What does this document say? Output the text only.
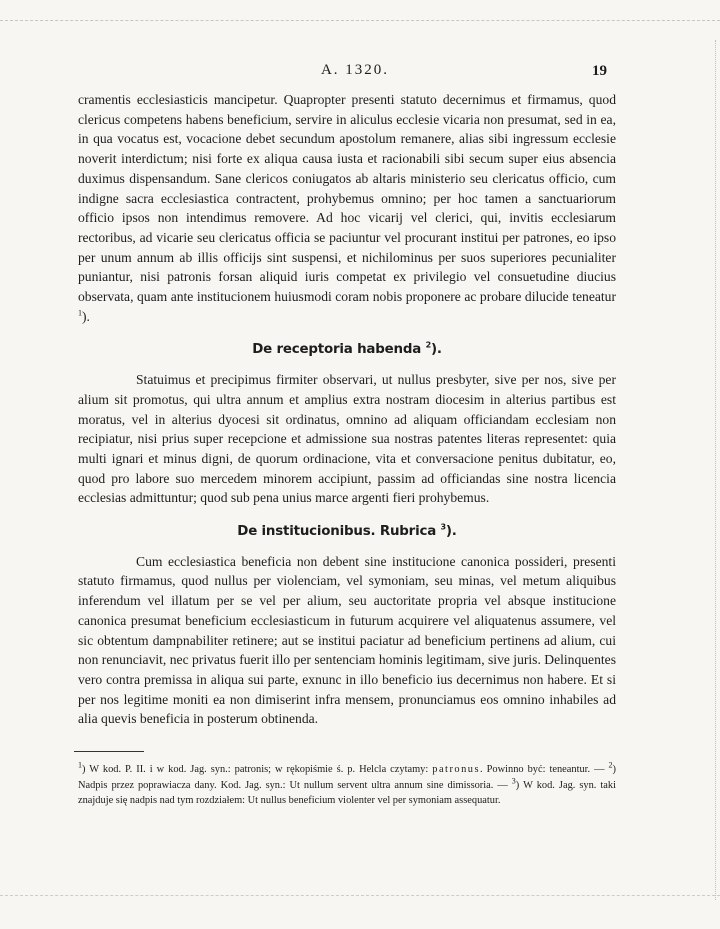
A. 1320.	19

cramentis ecclesiasticis mancipetur. Quapropter presenti statuto decernimus et firmamus, quod clericus competens habens beneficium, servire in aliculus ecclesie vicaria non presumat, sed in ea, in qua vocatus est, vocacione debet secundum apostolum remanere, alias sibi ingressum ecclesie noverit interdictum; nisi forte ex aliqua causa iusta et racionabili sibi secum super eius absencia duximus dispensandum. Sane clericos coniugatos ab altaris ministerio seu clericatus officio, cum indigne sacra ecclesiastica contractent, prohybemus omnino; per hoc tamen a sanctuariorum officio ipsos non intendimus removere. Ad hoc vicarij vel clerici, qui, invitis ecclesiarum rectoribus, ad vicarie seu clericatus officia se paciuntur vel procurant institui per patrones, eo ipso per unum annum ab illis officijs sint suspensi, et nichilominus per suos superiores pecunialiter puniantur, nisi patronis forsan aliquid iuris competat ex privilegio vel consuetudine diucius observata, quam ante institucionem huiusmodi coram nobis proponere ac probare dilucide teneatur $^1$).

De receptoria habenda $^2$).

Statuimus et precipimus firmiter observari, ut nullus presbyter, sive per nos, sive per alium sit promotus, qui ultra annum et amplius extra nostram diocesim in alterius partibus est moratus, vel in alterius dyocesi sit ordinatus, omnino ad aliquam officiandam ecclesiam non recipiatur, nisi prius super recepcione et admissione sua nostras patentes literas representet: quia multi ignari et minus digni, de quorum ordinacione, vita et conversacione penitus dubitatur, eo, quod pro labore suo mercedem minorem accipiunt, passim ad officiandas sine nostra licencia ecclesias admittuntur; quod sub pena unius marce argenti fieri prohybemus.

De institucionibus. Rubrica $^3$).

Cum ecclesiastica beneficia non debent sine institucione canonica possideri, presenti statuto firmamus, quod nullus per violenciam, vel symoniam, seu minas, vel metum aliquibus inferendum vel illatum per se vel per alium, seu auctoritate propria vel absque institucione canonica presumat beneficium ecclesiasticum in futurum acquirere vel aliquatenus assumere, vel sic obtentum dampnabiliter retinere; aut se institui paciatur ad beneficium pertinens ad alium, cui non renunciavit, nec privatus fuerit illo per sentenciam hominis legitimam, sive juris. Delinquentes vero contra premissa in aliqua sui parte, exnunc in illo beneficio ius decernimus non habere. Et si per nos legitime moniti ea non dimiserint infra mensem, pronunciamus eos omnino inhabiles ad alia quevis beneficia in posterum obtinenda.

$^1$) W kod. P. II. i w kod. Jag. syn.: patronis; w rękopiśmie ś. p. Helcla czytamy: patronus. Powinno być: teneantur. — $^2$) Nadpis przez poprawiacza dany. Kod. Jag. syn.: Ut nullum servent ultra annum sine dimissoria. — $^3$) W kod. Jag. syn. taki znajduje się nadpis nad tym rozdziałem: Ut nullus beneficium violenter vel per symoniam assequatur.
